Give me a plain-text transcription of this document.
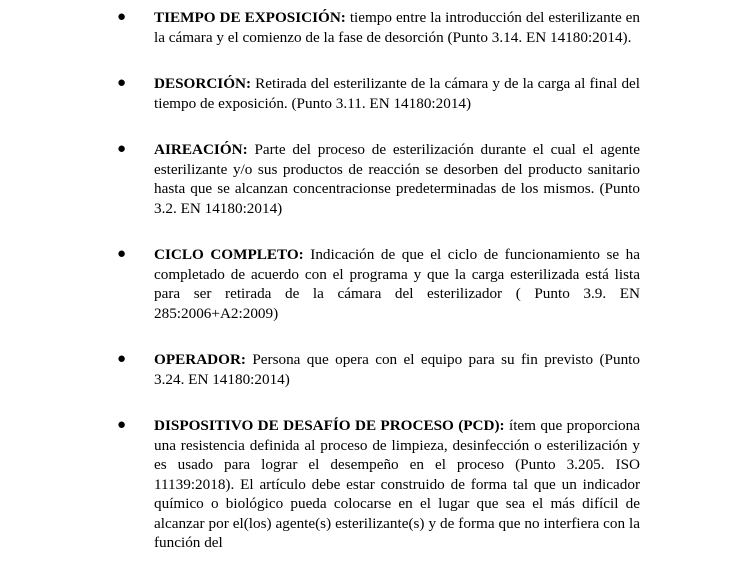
● TIEMPO DE EXPOSICIÓN: tiempo entre la introducción del esterilizante en la cámara y el comienzo de la fase de desorción (Punto 3.14. EN 14180:2014).
● DESORCIÓN: Retirada del esterilizante de la cámara y de la carga al final del tiempo de exposición. (Punto 3.11. EN 14180:2014)
● AIREACIÓN: Parte del proceso de esterilización durante el cual el agente esterilizante y/o sus productos de reacción se desorben del producto sanitario hasta que se alcanzan concentracionse predeterminadas de los mismos. (Punto 3.2. EN 14180:2014)
● CICLO COMPLETO: Indicación de que el ciclo de funcionamiento se ha completado de acuerdo con el programa y que la carga esterilizada está lista para ser retirada de la cámara del esterilizador ( Punto 3.9. EN 285:2006+A2:2009)
● OPERADOR: Persona que opera con el equipo para su fin previsto (Punto 3.24. EN 14180:2014)
● DISPOSITIVO DE DESAFÍO DE PROCESO (PCD): ítem que proporciona una resistencia definida al proceso de limpieza, desinfección o esterilización y es usado para lograr el desempeño en el proceso (Punto 3.205. ISO 11139:2018). El artículo debe estar construido de forma tal que un indicador químico o biológico pueda colocarse en el lugar que sea el más difícil de alcanzar por el(los) agente(s) esterilizante(s) y de forma que no interfiera con la función del
